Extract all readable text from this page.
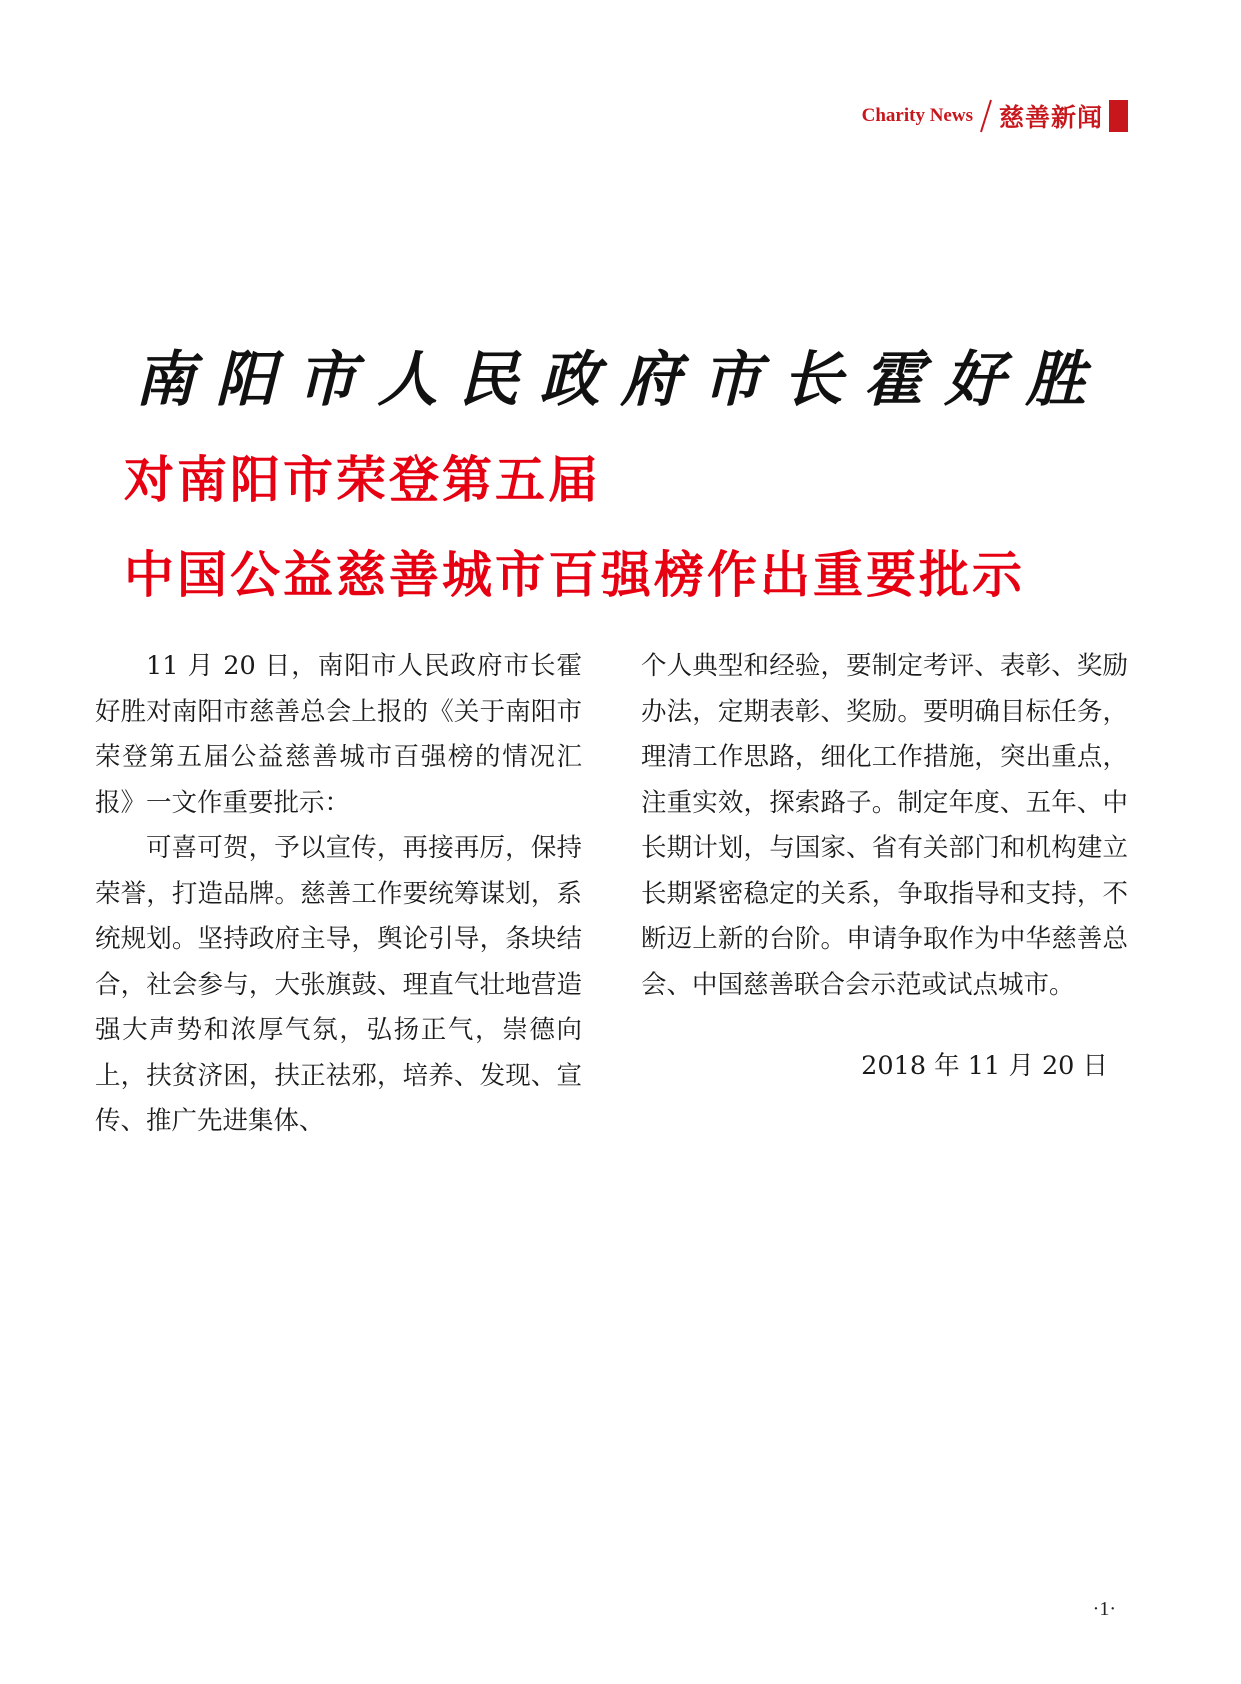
Charity News 慈善新闻
南阳市人民政府市长霍好胜
对南阳市荣登第五届
中国公益慈善城市百强榜作出重要批示

11 月 20 日，南阳市人民政府市长霍好胜对南阳市慈善总会上报的《关于南阳市荣登第五届公益慈善城市百强榜的情况汇报》一文作重要批示：

可喜可贺，予以宣传，再接再厉，保持荣誉，打造品牌。慈善工作要统筹谋划，系统规划。坚持政府主导，舆论引导，条块结合，社会参与，大张旗鼓、理直气壮地营造强大声势和浓厚气氛，弘扬正气，崇德向上，扶贫济困，扶正祛邪，培养、发现、宣传、推广先进集体、

个人典型和经验，要制定考评、表彰、奖励办法，定期表彰、奖励。要明确目标任务，理清工作思路，细化工作措施，突出重点，注重实效，探索路子。制定年度、五年、中长期计划，与国家、省有关部门和机构建立长期紧密稳定的关系，争取指导和支持，不断迈上新的台阶。申请争取作为中华慈善总会、中国慈善联合会示范或试点城市。

2018 年 11 月 20 日

·1·
